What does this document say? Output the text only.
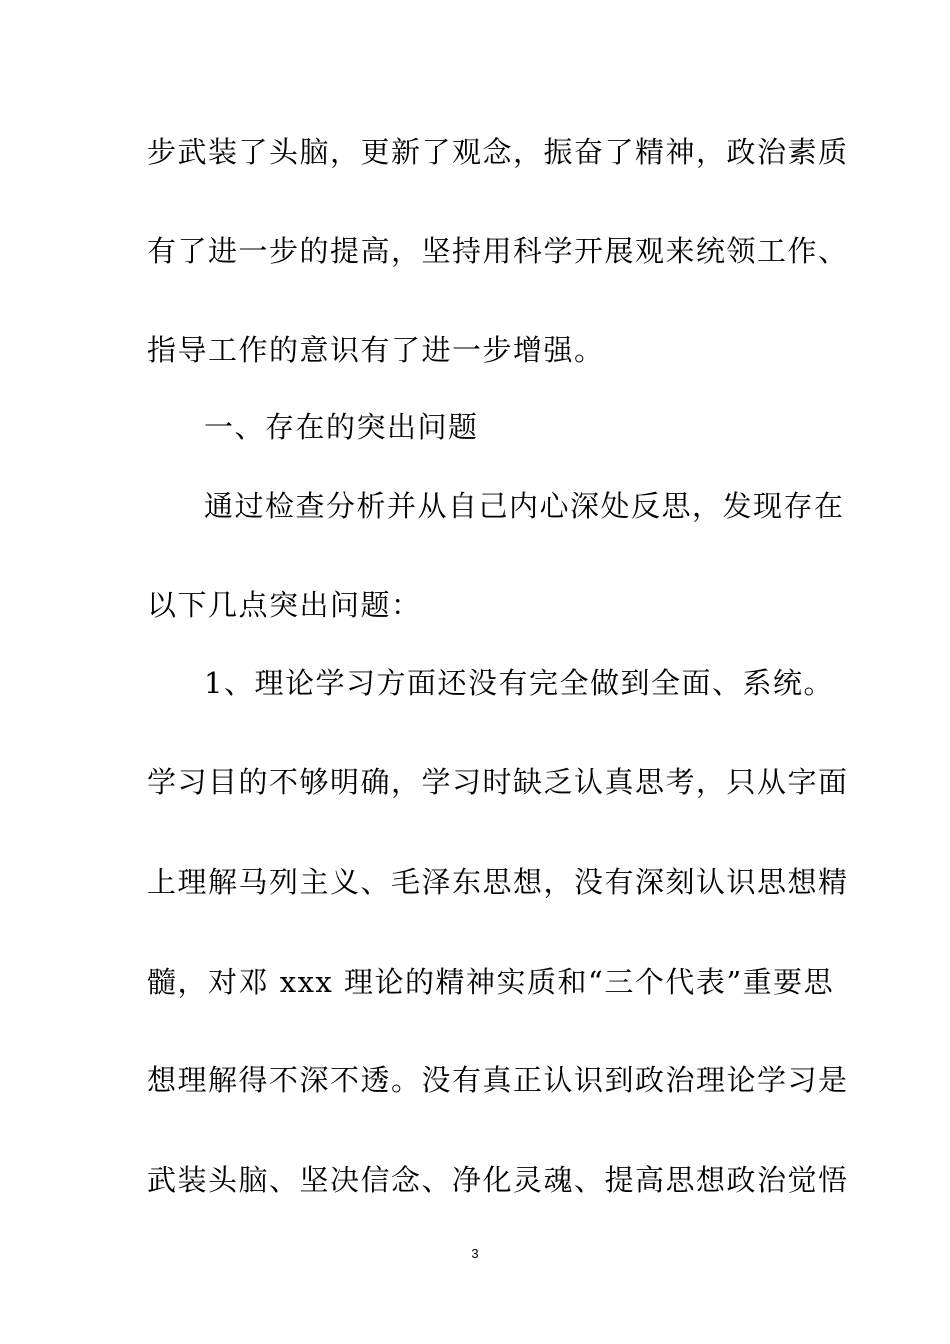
步武装了头脑，更新了观念，振奋了精神，政治素质
有了进一步的提高，坚持用科学开展观来统领工作、
指导工作的意识有了进一步增强。
一、存在的突出问题
通过检查分析并从自己内心深处反思，发现存在
以下几点突出问题：
1、理论学习方面还没有完全做到全面、系统。
学习目的不够明确，学习时缺乏认真思考，只从字面
上理解马列主义、毛泽东思想，没有深刻认识思想精
髓，对邓 xxx 理论的精神实质和“三个代表”重要思
想理解得不深不透。没有真正认识到政治理论学习是
武装头脑、坚决信念、净化灵魂、提高思想政治觉悟
3
